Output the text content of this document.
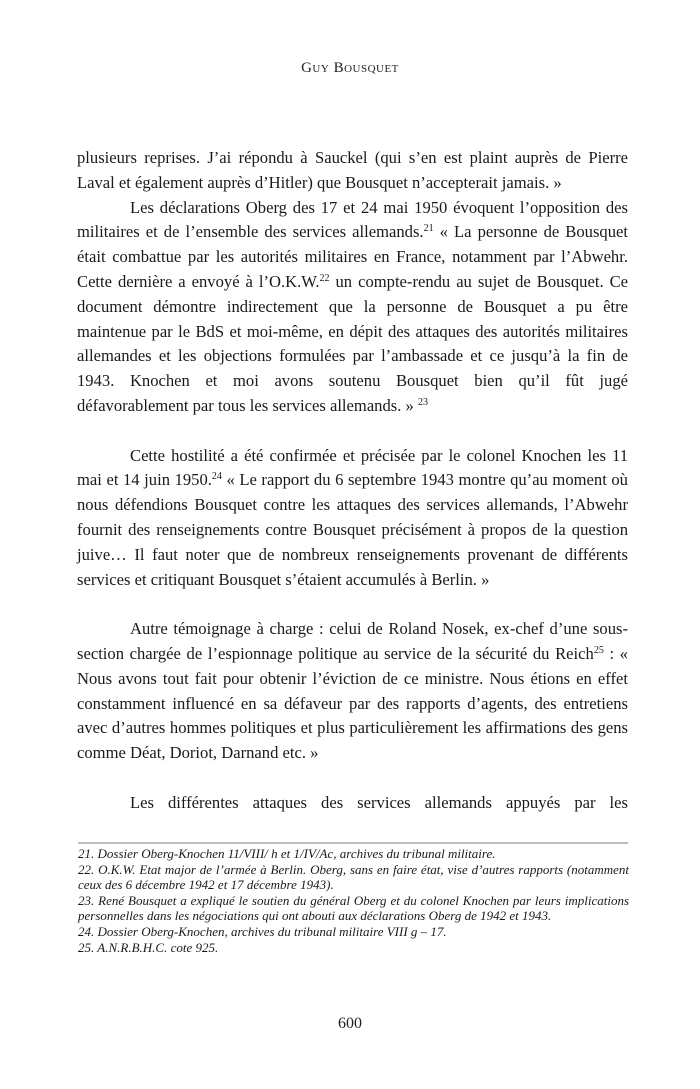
Guy Bousquet

plusieurs reprises. J’ai répondu à Sauckel (qui s’en est plaint auprès de Pierre Laval et également auprès d’Hitler) que Bousquet n’accepterait jamais. »

Les déclarations Oberg des 17 et 24 mai 1950 évoquent l’opposition des militaires et de l’ensemble des services allemands.$^{21}$ « La personne de Bousquet était combattue par les autorités militaires en France, notamment par l’Abwehr. Cette dernière a envoyé à l’O.K.W.$^{22}$ un compte-rendu au sujet de Bousquet. Ce document démontre indirectement que la personne de Bousquet a pu être maintenue par le BdS et moi-même, en dépit des attaques des autorités militaires allemandes et les objections formulées par l’ambassade et ce jusqu’à la fin de 1943. Knochen et moi avons soutenu Bousquet bien qu’il fût jugé défavorablement par tous les services allemands. » $^{23}$

Cette hostilité a été confirmée et précisée par le colonel Knochen les 11 mai et 14 juin 1950.24 « Le rapport du 6 septembre 1943 montre qu’au moment où nous défendions Bousquet contre les attaques des services allemands, l’Abwehr fournit des renseignements contre Bousquet précisément à propos de la question juive… Il faut noter que de nombreux renseignements provenant de différents services et critiquant Bousquet s’étaient accumulés à Berlin. »

Autre témoignage à charge : celui de Roland Nosek, ex-chef d’une sous-section chargée de l’espionnage politique au service de la sécurité du Reich$^{25}$ : « Nous avons tout fait pour obtenir l’éviction de ce ministre. Nous étions en effet constamment influencé en sa défaveur par des rapports d’agents, des entretiens avec d’autres hommes politiques et plus particulièrement les affirmations des gens comme Déat, Doriot, Darnand etc. »

Les différentes attaques des services allemands appuyés par les

21. Dossier Oberg-Knochen 11/VIII/ h et 1/IV/Ac, archives du tribunal militaire.

22. O.K.W. Etat major de l’armée à Berlin. Oberg, sans en faire état, vise d’autres rapports (notamment ceux des 6 décembre 1942 et 17 décembre 1943).

23. René Bousquet a expliqué le soutien du général Oberg et du colonel Knochen par leurs implications personnelles dans les négociations qui ont abouti aux déclarations Oberg de 1942 et 1943.

24. Dossier Oberg-Knochen, archives du tribunal militaire VIII g – 17.

25. A.N.R.B.H.C. cote 925.

600
